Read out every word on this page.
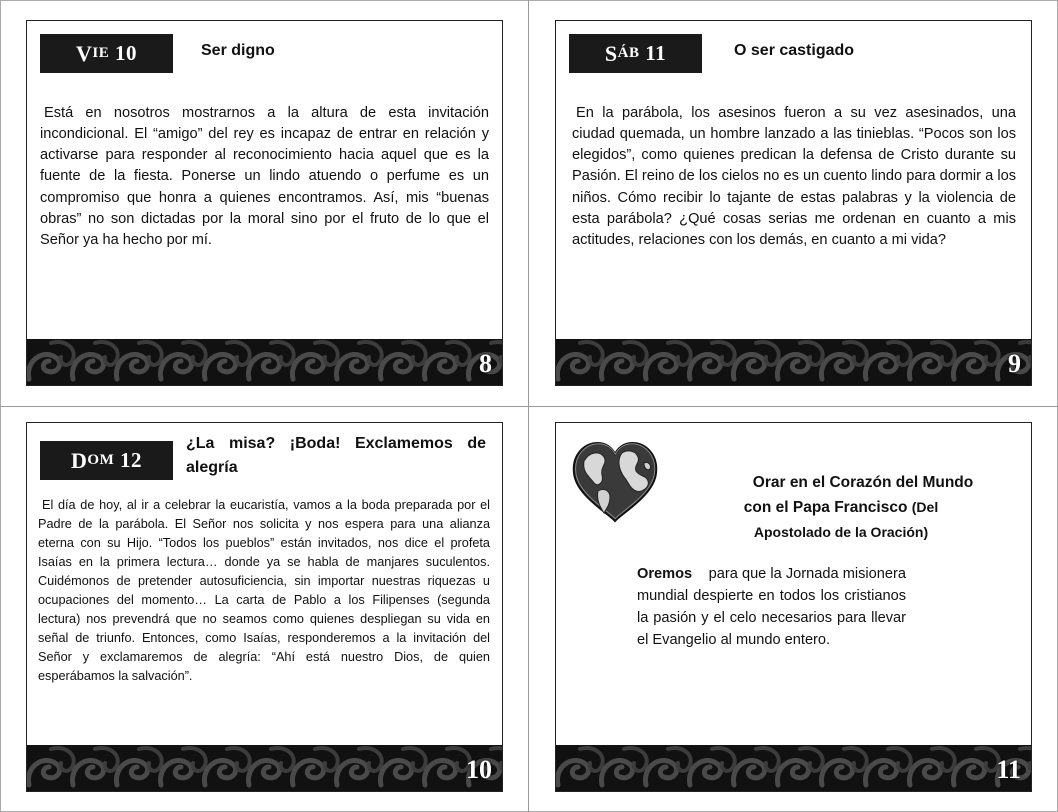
V IE 10	Ser digno
Está en nosotros mostrarnos a la altura de esta invitación incondicional. El “amigo” del rey es incapaz de entrar en relación y activarse para responder al reconocimiento hacia aquel que es la fuente de la fiesta. Ponerse un lindo atuendo o perfume es un compromiso que honra a quienes encontramos. Así, mis “buenas obras” no son dictadas por la moral sino por el fruto de lo que el Señor ya ha hecho por mí.
8
S ÁB 11	O ser castigado
En la parábola, los asesinos fueron a su vez asesinados, una ciudad quemada, un hombre lanzado a las tinieblas. “Pocos son los elegidos”, como quienes predican la defensa de Cristo durante su Pasión. El reino de los cielos no es un cuento lindo para dormir a los niños. Cómo recibir lo tajante de estas palabras y la violencia de esta parábola? ¿Qué cosas serias me ordenan en cuanto a mis actitudes, relaciones con los demás, en cuanto a mi vida?
9
D OM 12
¿La misa? ¡Boda! Exclamemos de alegría
El día de hoy, al ir a celebrar la eucaristía, vamos a la boda preparada por el Padre de la parábola. El Señor nos solicita y nos espera para una alianza eterna con su Hijo. “Todos los pueblos” están invitados, nos dice el profeta Isaías en la primera lectura… donde ya se habla de manjares suculentos. Cuidémonos de pretender autosuficiencia, sin importar nuestras riquezas u ocupaciones del momento… La carta de Pablo a los Filipenses (segunda lectura) nos prevendrá que no seamos como quienes despliegan su vida en señal de triunfo. Entonces, como Isaías, responderemos a la invitación del Señor y exclamaremos de alegría: “Ahí está nuestro Dios, de quien esperábamos la salvación”.
10
Orar en el Corazón del Mundo
con el Papa Francisco (Del
Apostolado de la Oración)
Oremos para que la Jornada misionera mundial despierte en todos los cristianos la pasión y el celo necesarios para llevar el Evangelio al mundo entero.
11
